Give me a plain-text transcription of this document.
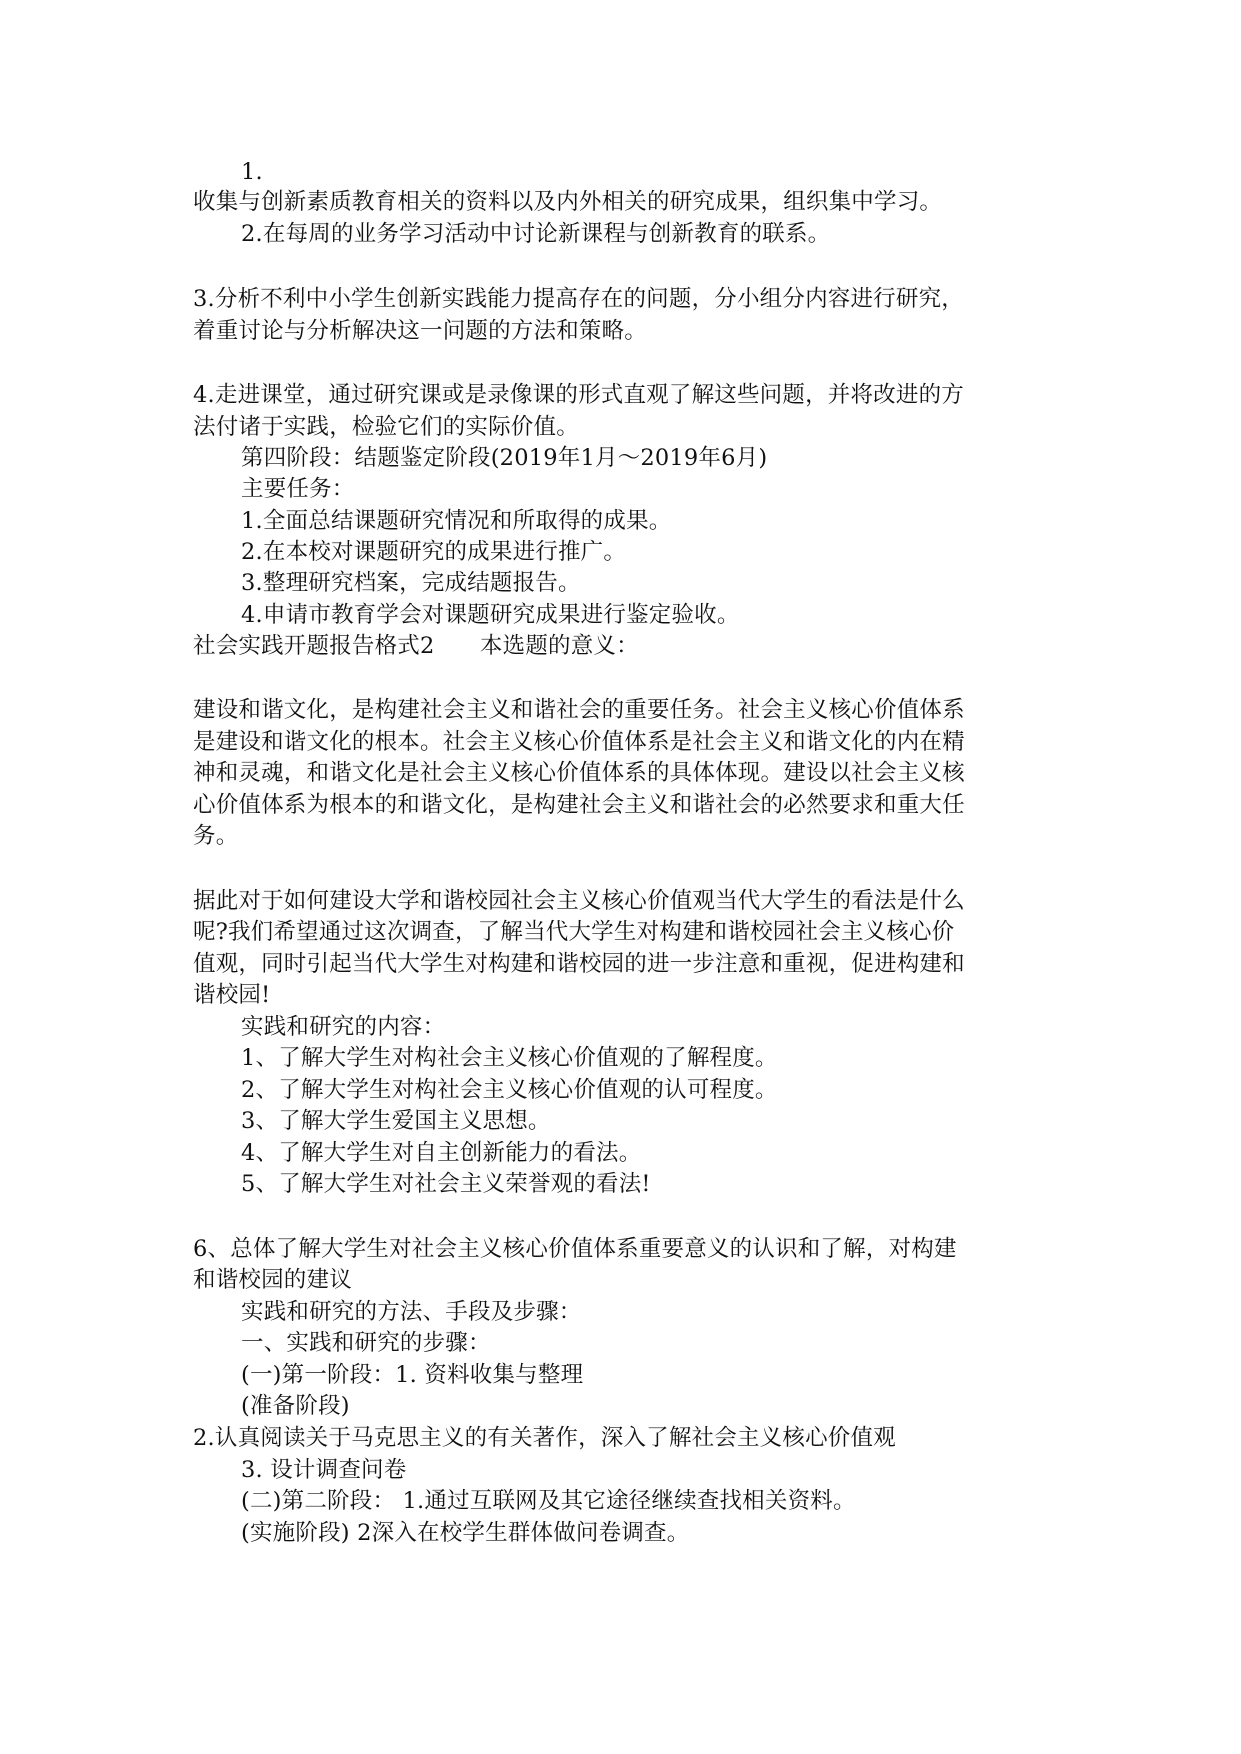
1.

收集与创新素质教育相关的资料以及内外相关的研究成果，组织集中学习。

2.在每周的业务学习活动中讨论新课程与创新教育的联系。

3.分析不利中小学生创新实践能力提高存在的问题，分小组分内容进行研究，

着重讨论与分析解决这一问题的方法和策略。

4.走进课堂，通过研究课或是录像课的形式直观了解这些问题，并将改进的方

法付诸于实践，检验它们的实际价值。

第四阶段：结题鉴定阶段(2019年1月～2019年6月)

主要任务：

1.全面总结课题研究情况和所取得的成果。

2.在本校对课题研究的成果进行推广。

3.整理研究档案，完成结题报告。

4.申请市教育学会对课题研究成果进行鉴定验收。

社会实践开题报告格式2　　本选题的意义：

建设和谐文化，是构建社会主义和谐社会的重要任务。社会主义核心价值体系

是建设和谐文化的根本。社会主义核心价值体系是社会主义和谐文化的内在精

神和灵魂，和谐文化是社会主义核心价值体系的具体体现。建设以社会主义核

心价值体系为根本的和谐文化，是构建社会主义和谐社会的必然要求和重大任

务。

据此对于如何建设大学和谐校园社会主义核心价值观当代大学生的看法是什么

呢?我们希望通过这次调查，了解当代大学生对构建和谐校园社会主义核心价

值观，同时引起当代大学生对构建和谐校园的进一步注意和重视，促进构建和

谐校园!

实践和研究的内容：

1、了解大学生对构社会主义核心价值观的了解程度。

2、了解大学生对构社会主义核心价值观的认可程度。

3、了解大学生爱国主义思想。

4、了解大学生对自主创新能力的看法。

5、了解大学生对社会主义荣誉观的看法!

6、总体了解大学生对社会主义核心价值体系重要意义的认识和了解，对构建

和谐校园的建议

实践和研究的方法、手段及步骤：

一、实践和研究的步骤：

(一)第一阶段：1. 资料收集与整理

(准备阶段)

2.认真阅读关于马克思主义的有关著作，深入了解社会主义核心价值观

3. 设计调查问卷

(二)第二阶段： 1.通过互联网及其它途径继续查找相关资料。

(实施阶段) 2深入在校学生群体做问卷调查。
